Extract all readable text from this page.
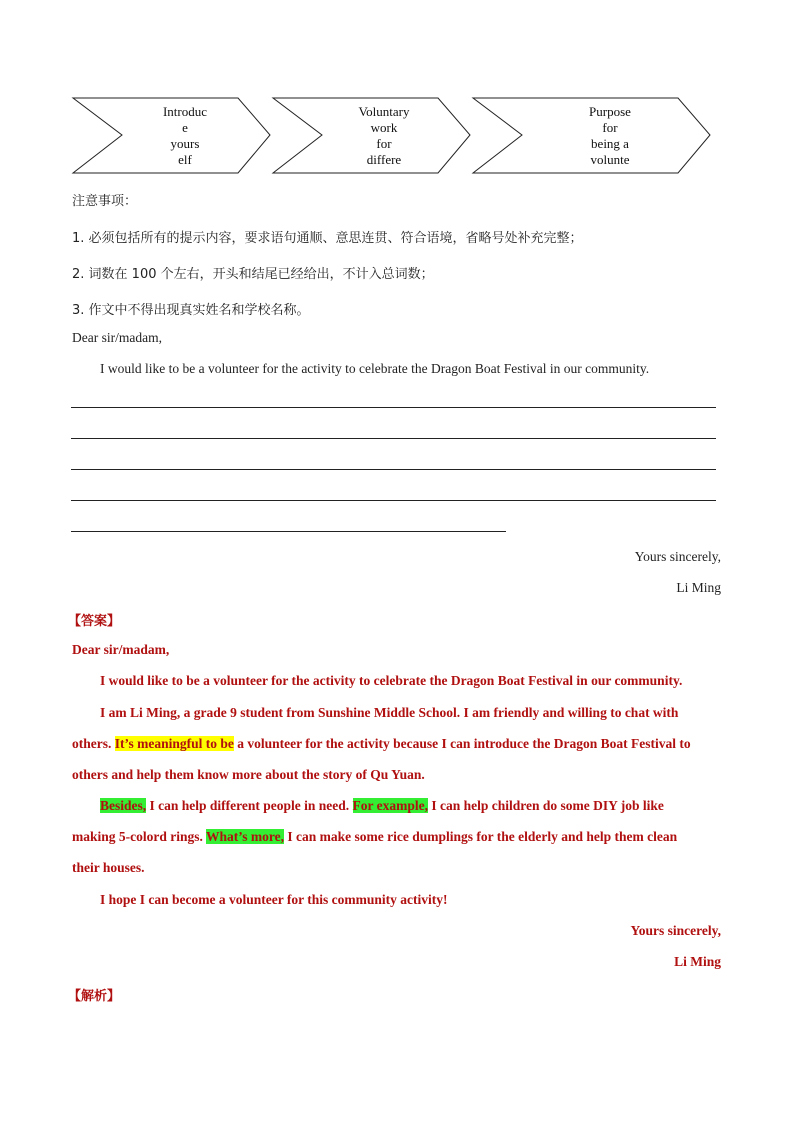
Introduc
e
yours
elf
Voluntary
work
for
differe
Purpose
for
being a
volunte
注意事项：
1. 必须包括所有的提示内容，要求语句通顺、意思连贯、符合语境，省略号处补充完整；
2. 词数在 100 个左右，开头和结尾已经给出，不计入总词数；
3. 作文中不得出现真实姓名和学校名称。
Dear sir/madam,
I would like to be a volunteer for the activity to celebrate the Dragon Boat Festival in our community.
Yours sincerely,
Li Ming
【答案】
Dear sir/madam,
I would like to be a volunteer for the activity to celebrate the Dragon Boat Festival in our community.
I am Li Ming, a grade 9 student from Sunshine Middle School. I am friendly and willing to chat with
others. It’s meaningful to be a volunteer for the activity because I can introduce the Dragon Boat Festival to
others and help them know more about the story of Qu Yuan.
Besides, I can help different people in need. For example, I can help children do some DIY job like
making 5-colord rings. What’s more, I can make some rice dumplings for the elderly and help them clean
their houses.
I hope I can become a volunteer for this community activity!
Yours sincerely,
Li Ming
【解析】
